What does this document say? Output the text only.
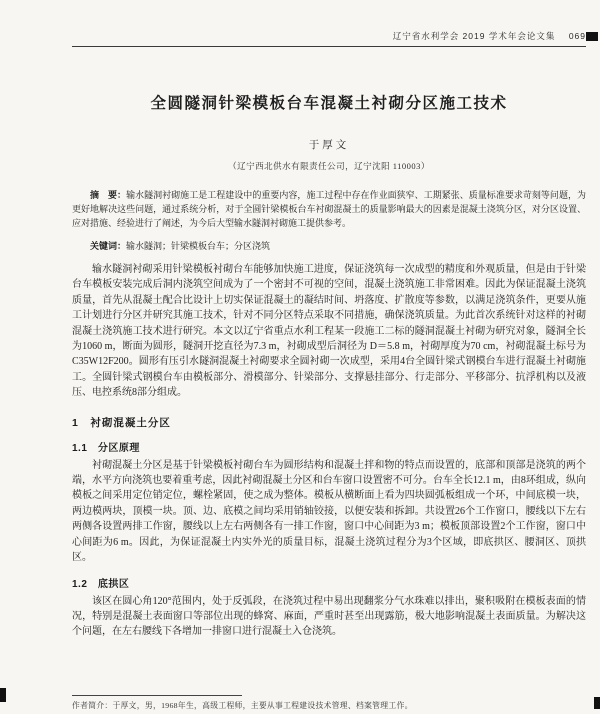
辽宁省水利学会 2019 学术年会论文集 069
全圆隧洞针梁模板台车混凝土衬砌分区施工技术
于厚文
（辽宁西北供水有限责任公司，辽宁沈阳 110003）

摘　要：输水隧洞衬砌施工是工程建设中的重要内容，施工过程中存在作业面狭窄、工期紧张、质量标准要求苛刻等问题，为更好地解决这些问题，通过系统分析，对于全圆针梁模板台车衬砌混凝土的质量影响最大的因素是混凝土浇筑分区，对分区设置、应对措施、经验进行了阐述，为今后大型输水隧洞衬砌施工提供参考。

关键词：输水隧洞；针梁模板台车；分区浇筑

输水隧洞衬砌采用针梁模板衬砌台车能够加快施工进度，保证浇筑每一次成型的精度和外观质量，但是由于针梁台车模板安装完成后洞内浇筑空间成为了一个密封不可视的空间，混凝土浇筑施工非常困难。因此为保证混凝土浇筑质量，首先从混凝土配合比设计上切实保证混凝土的凝结时间、坍落度、扩散度等参数，以满足浇筑条件，更要从施工计划进行分区并研究其施工技术，针对不同分区特点采取不同措施，确保浇筑质量。为此首次系统针对这样的衬砌混凝土浇筑施工技术进行研究。本文以辽宁省重点水利工程某一段施工二标的隧洞混凝土衬砌为研究对象，隧洞全长为1060 m，断面为圆形，隧洞开挖直径为7.3 m，衬砌成型后洞径为 D＝5.8 m，衬砌厚度为70 cm，衬砌混凝土标号为C35W12F200。圆形有压引水隧洞混凝土衬砌要求全圆衬砌一次成型，采用4台全圆针梁式钢模台车进行混凝土衬砌施工。全圆针梁式钢模台车由模板部分、滑模部分、针梁部分、支撑悬挂部分、行走部分、平移部分、抗浮机构以及液压、电控系统8部分组成。

1　衬砌混凝土分区
1.1　分区原理

衬砌混凝土分区是基于针梁模板衬砌台车为圆形结构和混凝土拌和物的特点而设置的，底部和顶部是浇筑的两个端，水平方向浇筑也要着重考虑，因此衬砌混凝土分区和台车窗口设置密不可分。台车全长12.1 m，由8环组成，纵向模板之间采用定位销定位，螺栓紧固，使之成为整体。模板从横断面上看为四块圆弧板组成一个环，中间底模一块，两边模两块，顶模一块。顶、边、底模之间均采用销轴铰接，以便安装和拆卸。共设置26个工作窗口，腰线以下左右两侧各设置两排工作窗，腰线以上左右两侧各有一排工作窗，窗口中心间距为3 m；模板顶部设置2个工作窗，窗口中心间距为6 m。因此，为保证混凝土内实外光的质量目标，混凝土浇筑过程分为3个区域，即底拱区、腰洞区、顶拱区。

1.2　底拱区

该区在圆心角120°范围内，处于反弧段，在浇筑过程中易出现翻浆分气水珠难以排出，聚积吸附在模板表面的情况，特别是混凝土表面窗口等部位出现的蜂窝、麻面，严重时甚至出现露筋，极大地影响混凝土表面质量。为解决这个问题，在左右腰线下各增加一排窗口进行混凝土入仓浇筑。

作者简介：于厚文，男，1968年生，高级工程师，主要从事工程建设技术管理、档案管理工作。
